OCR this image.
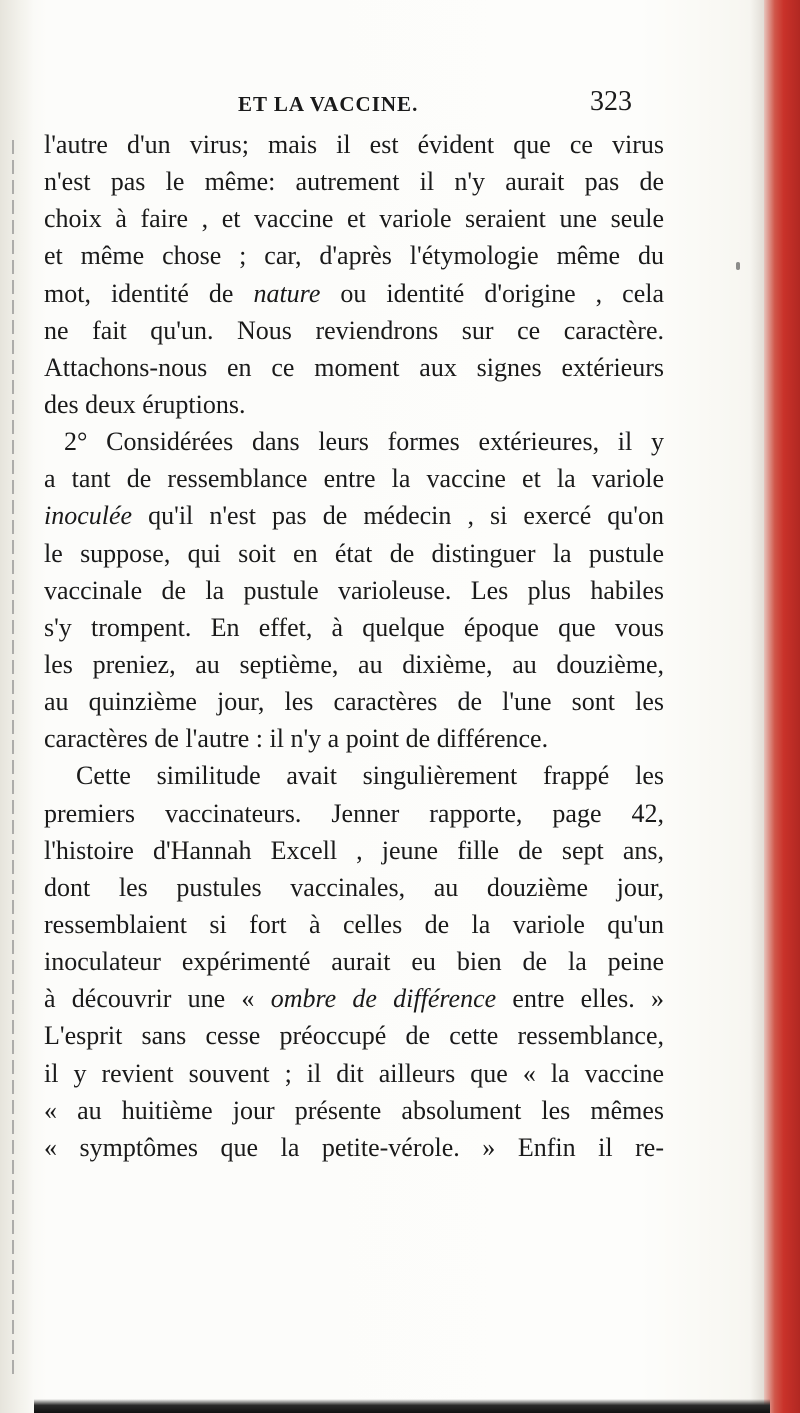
ET LA VACCINE.	323
l'autre d'un virus; mais il est évident que ce virus
n'est pas le même: autrement il n'y aurait pas de
choix à faire , et vaccine et variole seraient une seule
et même chose ; car, d'après l'étymologie même du
mot, identité de nature ou identité d'origine , cela
ne fait qu'un. Nous reviendrons sur ce caractère.
Attachons-nous en ce moment aux signes extérieurs
des deux éruptions.
2° Considérées dans leurs formes extérieures, il y
a tant de ressemblance entre la vaccine et la variole
inoculée qu'il n'est pas de médecin , si exercé qu'on
le suppose, qui soit en état de distinguer la pustule
vaccinale de la pustule varioleuse. Les plus habiles
s'y trompent. En effet, à quelque époque que vous
les preniez, au septième, au dixième, au douzième,
au quinzième jour, les caractères de l'une sont les
caractères de l'autre : il n'y a point de différence.
Cette similitude avait singulièrement frappé les
premiers vaccinateurs. Jenner rapporte, page 42,
l'histoire d'Hannah Excell , jeune fille de sept ans,
dont les pustules vaccinales, au douzième jour,
ressemblaient si fort à celles de la variole qu'un
inoculateur expérimenté aurait eu bien de la peine
à découvrir une « ombre de différence entre elles. »
L'esprit sans cesse préoccupé de cette ressemblance,
il y revient souvent ; il dit ailleurs que « la vaccine
« au huitième jour présente absolument les mêmes
« symptômes que la petite-vérole. » Enfin il re-
